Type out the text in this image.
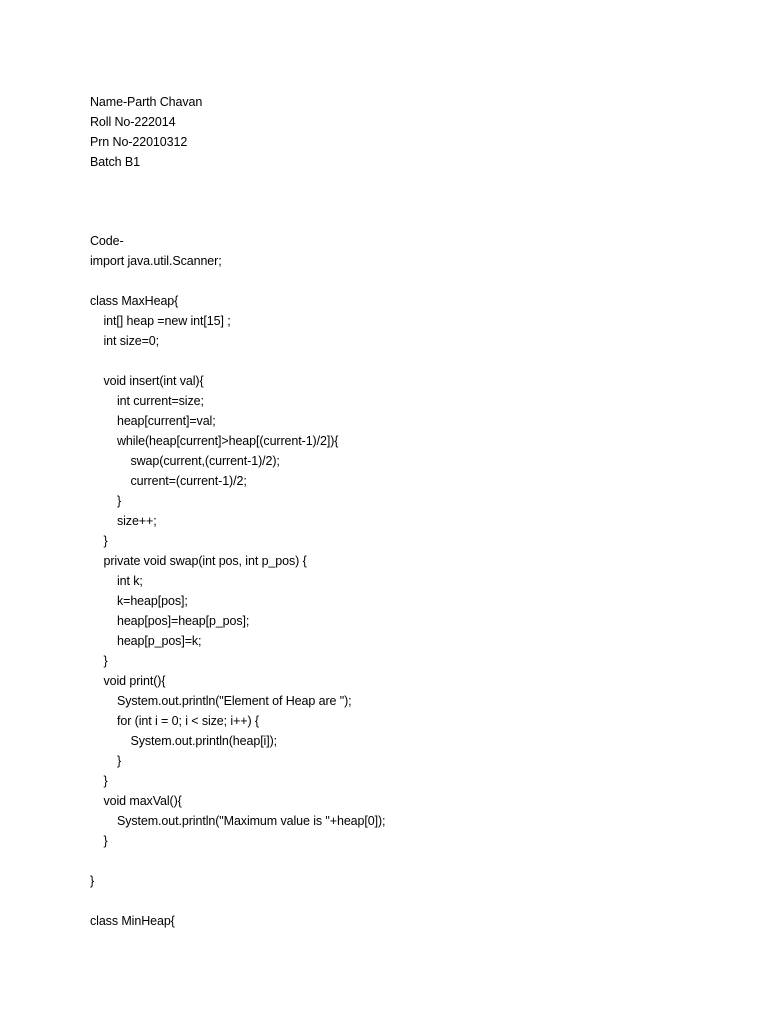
Name-Parth Chavan
Roll No-222014
Prn No-22010312
Batch B1
Code-
import java.util.Scanner;
class MaxHeap{
int[] heap =new int[15] ;
int size=0;
void insert(int val){
int current=size;
heap[current]=val;
while(heap[current]>heap[(current-1)/2]){
swap(current,(current-1)/2);
current=(current-1)/2;
}
size++;
}
private void swap(int pos, int p_pos) {
int k;
k=heap[pos];
heap[pos]=heap[p_pos];
heap[p_pos]=k;
}
void print(){
System.out.println("Element of Heap are ");
for (int i = 0; i < size; i++) {
System.out.println(heap[i]);
}
}
void maxVal(){
System.out.println("Maximum value is "+heap[0]);
}
}
class MinHeap{
